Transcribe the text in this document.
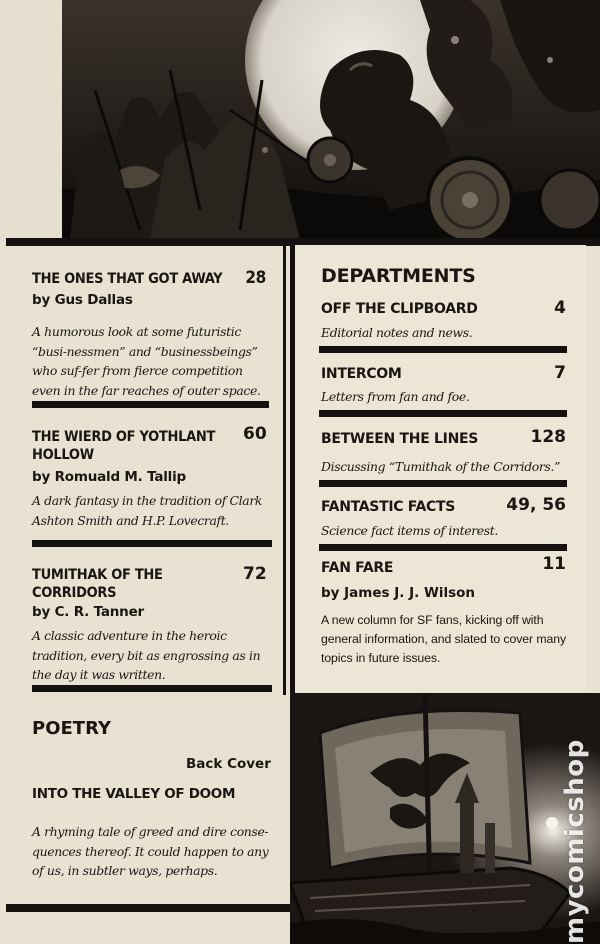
THE ONES THAT GOT AWAY 28
by Gus Dallas
A humorous look at some futuristic “busi-nessmen” and “businessbeings” who suf-fer from fierce competition even in the far reaches of outer space.
THE WIERD OF YOTHLANT HOLLOW
60
by Romuald M. Tallip
A dark fantasy in the tradition of Clark Ashton Smith and H.P. Lovecraft.
TUMITHAK OF THE CORRIDORS
72
by C. R. Tanner
A classic adventure in the heroic tradition, every bit as engrossing as in the day it was written.
POETRY
Back Cover
INTO THE VALLEY OF DOOM
A rhyming tale of greed and dire conse-quences thereof. It could happen to any of us, in subtler ways, perhaps.
DEPARTMENTS
OFF THE CLIPBOARD	4
Editorial notes and news.
INTERCOM	7
Letters from fan and foe.
BETWEEN THE LINES	128
Discussing “Tumithak of the Corridors.”
FANTASTIC FACTS	49, 56
Science fact items of interest.
FAN FARE	11
by James J. J. Wilson
A new column for SF fans, kicking off with general information, and slated to cover many topics in future issues.
mycomicshop
